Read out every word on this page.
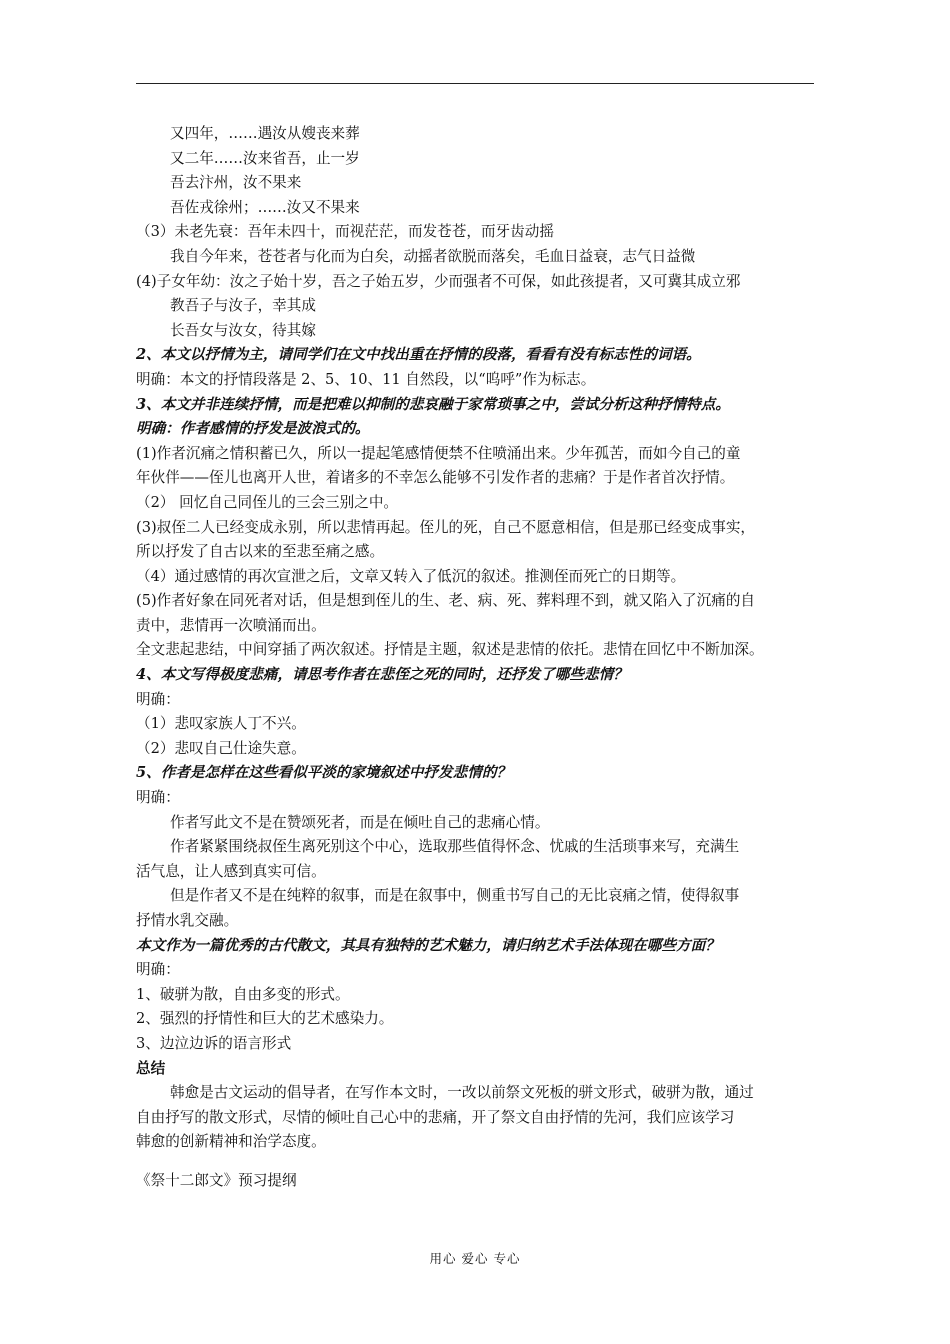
又四年，……遇汝从嫂丧来葬
又二年……汝来省吾，止一岁
吾去汴州，汝不果来
吾佐戎徐州；……汝又不果来
（3）未老先衰：吾年未四十，而视茫茫，而发苍苍，而牙齿动摇
我自今年来，苍苍者与化而为白矣，动摇者欲脱而落矣，毛血日益衰，志气日益微
(4)子女年幼：汝之子始十岁，吾之子始五岁，少而强者不可保，如此孩提者，又可冀其成立邪
教吾子与汝子，幸其成
长吾女与汝女，待其嫁
2、本文以抒情为主，请同学们在文中找出重在抒情的段落，看看有没有标志性的词语。
明确：本文的抒情段落是 2、5、10、11 自然段，以“呜呼”作为标志。
3、本文并非连续抒情，而是把难以抑制的悲哀融于家常琐事之中，尝试分析这种抒情特点。
明确：作者感情的抒发是波浪式的。
(1)作者沉痛之情积蓄已久，所以一提起笔感情便禁不住喷涌出来。少年孤苦，而如今自己的童
年伙伴——侄儿也离开人世，着诸多的不幸怎么能够不引发作者的悲痛？于是作者首次抒情。
（2） 回忆自己同侄儿的三会三别之中。
(3)叔侄二人已经变成永别，所以悲情再起。侄儿的死，自己不愿意相信，但是那已经变成事实，
所以抒发了自古以来的至悲至痛之感。
（4）通过感情的再次宣泄之后，文章又转入了低沉的叙述。推测侄而死亡的日期等。
(5)作者好象在同死者对话，但是想到侄儿的生、老、病、死、葬料理不到，就又陷入了沉痛的自
责中，悲情再一次喷涌而出。
全文悲起悲结，中间穿插了两次叙述。抒情是主题，叙述是悲情的依托。悲情在回忆中不断加深。
4、本文写得极度悲痛，请思考作者在悲侄之死的同时，还抒发了哪些悲情？
明确：
（1）悲叹家族人丁不兴。
（2）悲叹自己仕途失意。
5、作者是怎样在这些看似平淡的家境叙述中抒发悲情的？
明确：
作者写此文不是在赞颂死者，而是在倾吐自己的悲痛心情。
作者紧紧围绕叔侄生离死别这个中心，选取那些值得怀念、忧戚的生活琐事来写，充满生
活气息，让人感到真实可信。
但是作者又不是在纯粹的叙事，而是在叙事中，侧重书写自己的无比哀痛之情，使得叙事
抒情水乳交融。
本文作为一篇优秀的古代散文，其具有独特的艺术魅力，请归纳艺术手法体现在哪些方面？
明确：
1、破骈为散，自由多变的形式。
2、强烈的抒情性和巨大的艺术感染力。
3、边泣边诉的语言形式
总结
韩愈是古文运动的倡导者，在写作本文时，一改以前祭文死板的骈文形式，破骈为散，通过
自由抒写的散文形式，尽情的倾吐自己心中的悲痛，开了祭文自由抒情的先河，我们应该学习
韩愈的创新精神和治学态度。
《祭十二郎文》预习提纲
用心 爱心 专心
